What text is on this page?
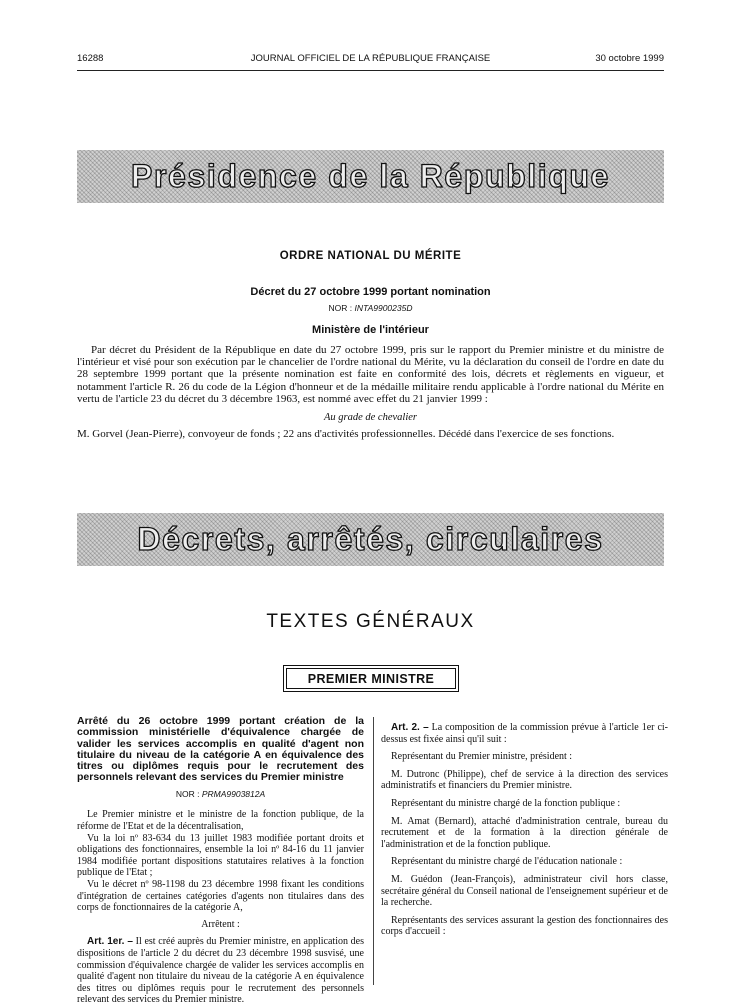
16288	JOURNAL OFFICIEL DE LA RÉPUBLIQUE FRANÇAISE	30 octobre 1999
Présidence de la République
ORDRE NATIONAL DU MÉRITE
Décret du 27 octobre 1999 portant nomination
NOR : INTA9900235D
Ministère de l'intérieur
Par décret du Président de la République en date du 27 octobre 1999, pris sur le rapport du Premier ministre et du ministre de l'intérieur et visé pour son exécution par le chancelier de l'ordre national du Mérite, vu la déclaration du conseil de l'ordre en date du 28 septembre 1999 portant que la présente nomination est faite en conformité des lois, décrets et règlements en vigueur, et notamment l'article R. 26 du code de la Légion d'honneur et de la médaille militaire rendu applicable à l'ordre national du Mérite en vertu de l'article 23 du décret du 3 décembre 1963, est nommé avec effet du 21 janvier 1999 :
Au grade de chevalier
M. Gorvel (Jean-Pierre), convoyeur de fonds ; 22 ans d'activités professionnelles. Décédé dans l'exercice de ses fonctions.
Décrets, arrêtés, circulaires
TEXTES GÉNÉRAUX
PREMIER MINISTRE
Arrêté du 26 octobre 1999 portant création de la commission ministérielle d'équivalence chargée de valider les services accomplis en qualité d'agent non titulaire du niveau de la catégorie A en équivalence des titres ou diplômes requis pour le recrutement des personnels relevant des services du Premier ministre
NOR : PRMA9903812A

Le Premier ministre et le ministre de la fonction publique, de la réforme de l'Etat et de la décentralisation,

Vu la loi nº 83-634 du 13 juillet 1983 modifiée portant droits et obligations des fonctionnaires, ensemble la loi nº 84-16 du 11 janvier 1984 modifiée portant dispositions statutaires relatives à la fonction publique de l'Etat ;

Vu le décret nº 98-1198 du 23 décembre 1998 fixant les conditions d'intégration de certaines catégories d'agents non titulaires dans des corps de fonctionnaires de la catégorie A,

Arrêtent :

Art. 1er. – Il est créé auprès du Premier ministre, en application des dispositions de l'article 2 du décret du 23 décembre 1998 susvisé, une commission d'équivalence chargée de valider les services accomplis en qualité d'agent non titulaire du niveau de la catégorie A en équivalence des titres ou diplômes requis pour le recrutement des personnels relevant des services du Premier ministre.

Art. 2. – La composition de la commission prévue à l'article 1er ci-dessus est fixée ainsi qu'il suit :

Représentant du Premier ministre, président :

M. Dutronc (Philippe), chef de service à la direction des services administratifs et financiers du Premier ministre.

Représentant du ministre chargé de la fonction publique :

M. Amat (Bernard), attaché d'administration centrale, bureau du recrutement et de la formation à la direction générale de l'administration et de la fonction publique.

Représentant du ministre chargé de l'éducation nationale :

M. Guédon (Jean-François), administrateur civil hors classe, secrétaire général du Conseil national de l'enseignement supérieur et de la recherche.

Représentants des services assurant la gestion des fonctionnaires des corps d'accueil :
